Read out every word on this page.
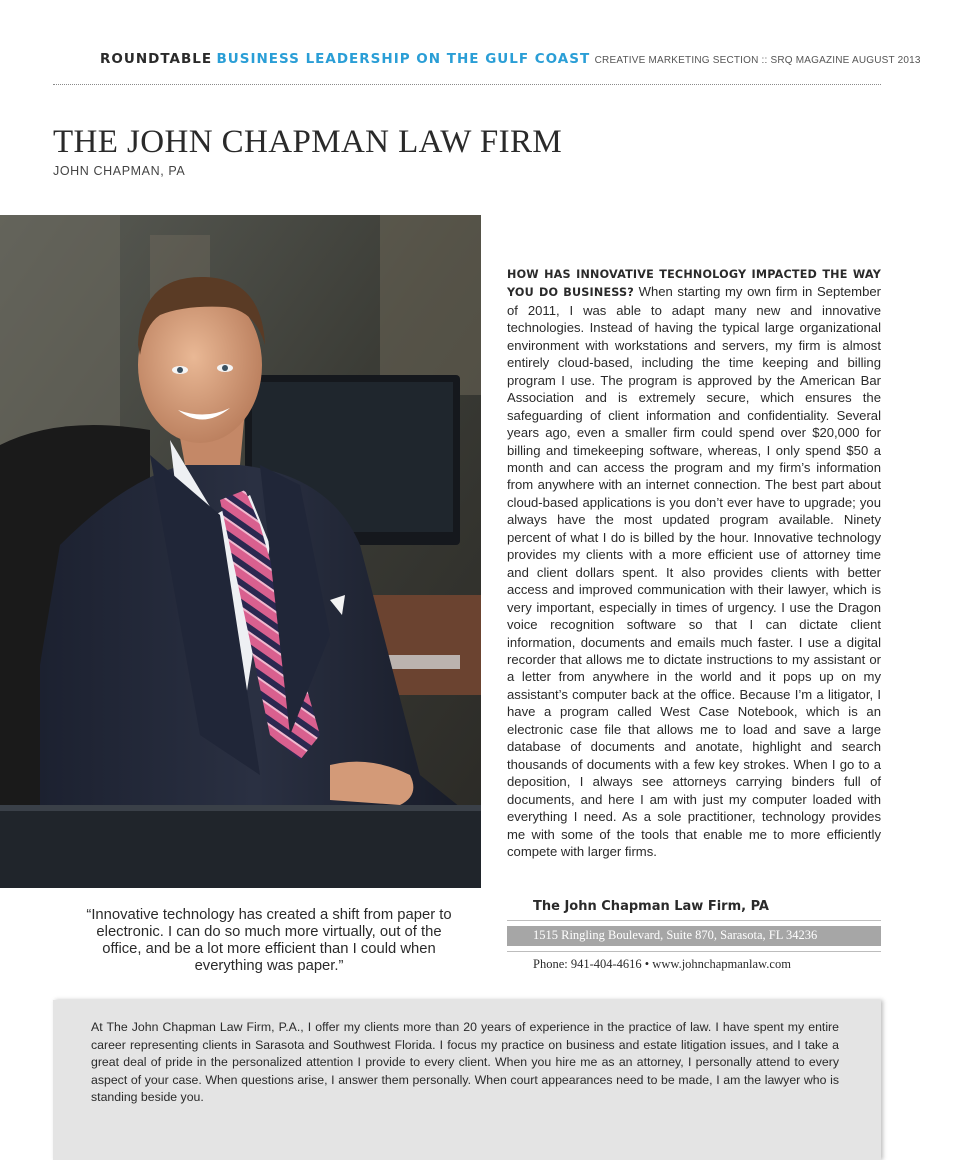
ROUNDTABLE BUSINESS LEADERSHIP ON THE GULF COAST CREATIVE MARKETING SECTION :: SRQ MAGAZINE AUGUST 2013
THE JOHN CHAPMAN LAW FIRM
JOHN CHAPMAN, PA

HOW HAS INNOVATIVE TECHNOLOGY IMPACTED THE WAY YOU DO BUSINESS? When starting my own firm in September of 2011, I was able to adapt many new and innovative technologies. Instead of having the typical large organizational environment with workstations and servers, my firm is almost entirely cloud-based, including the time keeping and billing program I use. The program is approved by the American Bar Association and is extremely secure, which ensures the safeguarding of client information and confidentiality. Several years ago, even a smaller firm could spend over $20,000 for billing and timekeeping software, whereas, I only spend $50 a month and can access the program and my firm’s information from anywhere with an internet connection. The best part about cloud-based applications is you don’t ever have to upgrade; you always have the most updated program available. Ninety percent of what I do is billed by the hour. Innovative technology provides my clients with a more efficient use of attorney time and client dollars spent. It also provides clients with better access and improved communication with their lawyer, which is very important, especially in times of urgency. I use the Dragon voice recognition software so that I can dictate client information, documents and emails much faster. I use a digital recorder that allows me to dictate instructions to my assistant or a letter from anywhere in the world and it pops up on my assistant’s computer back at the office. Because I’m a litigator, I have a program called West Case Notebook, which is an electronic case file that allows me to load and save a large database of documents and anotate, highlight and search thousands of documents with a few key strokes. When I go to a deposition, I always see attorneys carrying binders full of documents, and here I am with just my computer loaded with everything I need. As a sole practitioner, technology provides me with some of the tools that enable me to more efficiently compete with larger firms.

“Innovative technology has created a shift from paper to electronic. I can do so much more virtually, out of the office, and be a lot more efficient than I could when everything was paper.”

The John Chapman Law Firm, PA
1515 Ringling Boulevard, Suite 870, Sarasota, FL 34236
Phone: 941-404-4616 • www.johnchapmanlaw.com

At The John Chapman Law Firm, P.A., I offer my clients more than 20 years of experience in the practice of law. I have spent my entire career representing clients in Sarasota and Southwest Florida. I focus my practice on business and estate litigation issues, and I take a great deal of pride in the personalized attention I provide to every client. When you hire me as an attorney, I personally attend to every aspect of your case. When questions arise, I answer them personally. When court appearances need to be made, I am the lawyer who is standing beside you.
